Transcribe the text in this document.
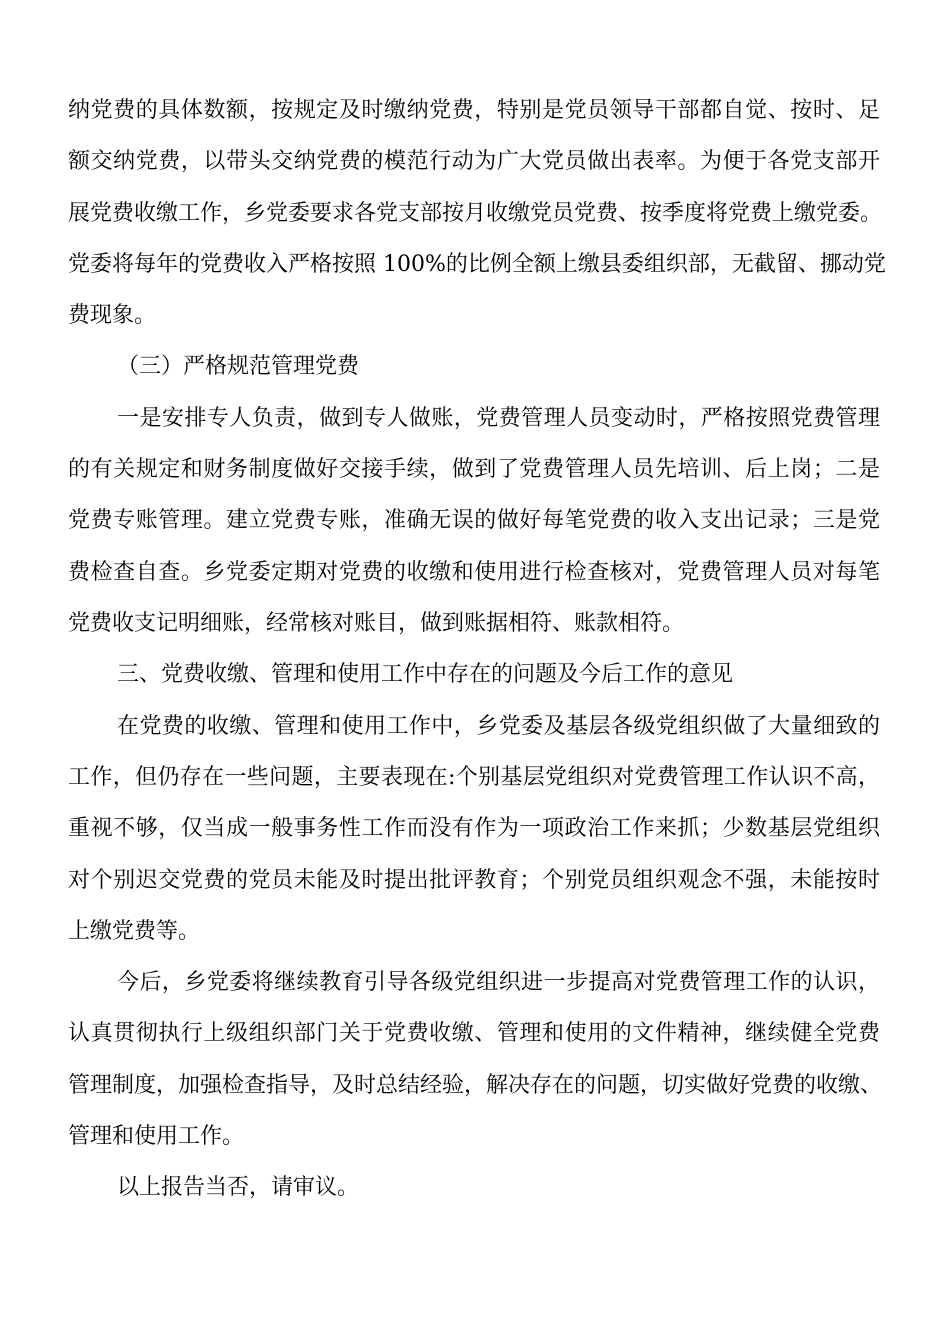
纳党费的具体数额，按规定及时缴纳党费，特别是党员领导干部都自觉、按时、足

额交纳党费，以带头交纳党费的模范行动为广大党员做出表率。为便于各党支部开

展党费收缴工作，乡党委要求各党支部按月收缴党员党费、按季度将党费上缴党委。

党委将每年的党费收入严格按照 100%的比例全额上缴县委组织部，无截留、挪动党

费现象。

（三）严格规范管理党费

一是安排专人负责，做到专人做账，党费管理人员变动时，严格按照党费管理

的有关规定和财务制度做好交接手续，做到了党费管理人员先培训、后上岗；二是

党费专账管理。建立党费专账，准确无误的做好每笔党费的收入支出记录；三是党

费检查自查。乡党委定期对党费的收缴和使用进行检查核对，党费管理人员对每笔

党费收支记明细账，经常核对账目，做到账据相符、账款相符。

三、党费收缴、管理和使用工作中存在的问题及今后工作的意见

在党费的收缴、管理和使用工作中，乡党委及基层各级党组织做了大量细致的

工作，但仍存在一些问题，主要表现在:个别基层党组织对党费管理工作认识不高，

重视不够，仅当成一般事务性工作而没有作为一项政治工作来抓；少数基层党组织

对个别迟交党费的党员未能及时提出批评教育；个别党员组织观念不强，未能按时

上缴党费等。

今后，乡党委将继续教育引导各级党组织进一步提高对党费管理工作的认识，

认真贯彻执行上级组织部门关于党费收缴、管理和使用的文件精神，继续健全党费

管理制度，加强检查指导，及时总结经验，解决存在的问题，切实做好党费的收缴、

管理和使用工作。

以上报告当否，请审议。
